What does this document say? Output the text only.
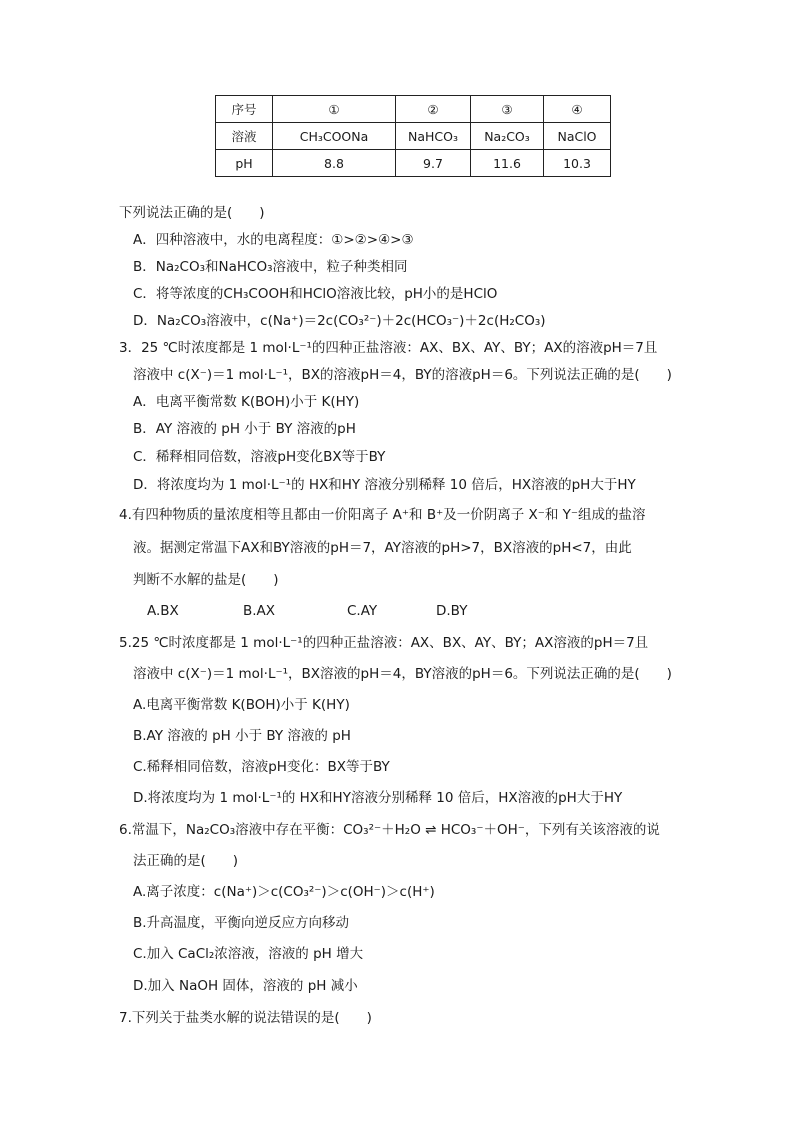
序号	①	②	③	④
溶液	CH₃COONa	NaHCO₃	Na₂CO₃	NaClO
pH	8.8	9.7	11.6	10.3
下列说法正确的是(　　)
A．四种溶液中，水的电离程度：①>②>④>③
B．Na₂CO₃和NaHCO₃溶液中，粒子种类相同
C．将等浓度的CH₃COOH和HClO溶液比较，pH小的是HClO
D．Na₂CO₃溶液中，c(Na⁺)＝2c(CO₃²⁻)＋2c(HCO₃⁻)＋2c(H₂CO₃)
3．25 ℃时浓度都是 1 mol·L⁻¹的四种正盐溶液：AX、BX、AY、BY；AX的溶液pH＝7且
溶液中 c(X⁻)＝1 mol·L⁻¹，BX的溶液pH＝4，BY的溶液pH＝6。下列说法正确的是(　　)
A．电离平衡常数 K(BOH)小于 K(HY)
B．AY 溶液的 pH 小于 BY 溶液的pH
C．稀释相同倍数，溶液pH变化BX等于BY
D．将浓度均为 1 mol·L⁻¹的 HX和HY 溶液分别稀释 10 倍后，HX溶液的pH大于HY
4.有四种物质的量浓度相等且都由一价阳离子 A⁺和 B⁺及一价阴离子 X⁻和 Y⁻组成的盐溶
液。据测定常温下AX和BY溶液的pH＝7，AY溶液的pH>7，BX溶液的pH<7，由此
判断不水解的盐是(　　)
A.BX	B.AX	C.AY	D.BY
5.25 ℃时浓度都是 1 mol·L⁻¹的四种正盐溶液：AX、BX、AY、BY；AX溶液的pH＝7且
溶液中 c(X⁻)＝1 mol·L⁻¹，BX溶液的pH＝4，BY溶液的pH＝6。下列说法正确的是(　　)
A.电离平衡常数 K(BOH)小于 K(HY)
B.AY 溶液的 pH 小于 BY 溶液的 pH
C.稀释相同倍数，溶液pH变化：BX等于BY
D.将浓度均为 1 mol·L⁻¹的 HX和HY溶液分别稀释 10 倍后，HX溶液的pH大于HY
6.常温下，Na₂CO₃溶液中存在平衡：CO₃²⁻＋H₂O ⇌ HCO₃⁻＋OH⁻，下列有关该溶液的说
法正确的是(　　)
A.离子浓度：c(Na⁺)＞c(CO₃²⁻)＞c(OH⁻)＞c(H⁺)
B.升高温度，平衡向逆反应方向移动
C.加入 CaCl₂浓溶液，溶液的 pH 增大
D.加入 NaOH 固体，溶液的 pH 减小
7.下列关于盐类水解的说法错误的是(　　)
